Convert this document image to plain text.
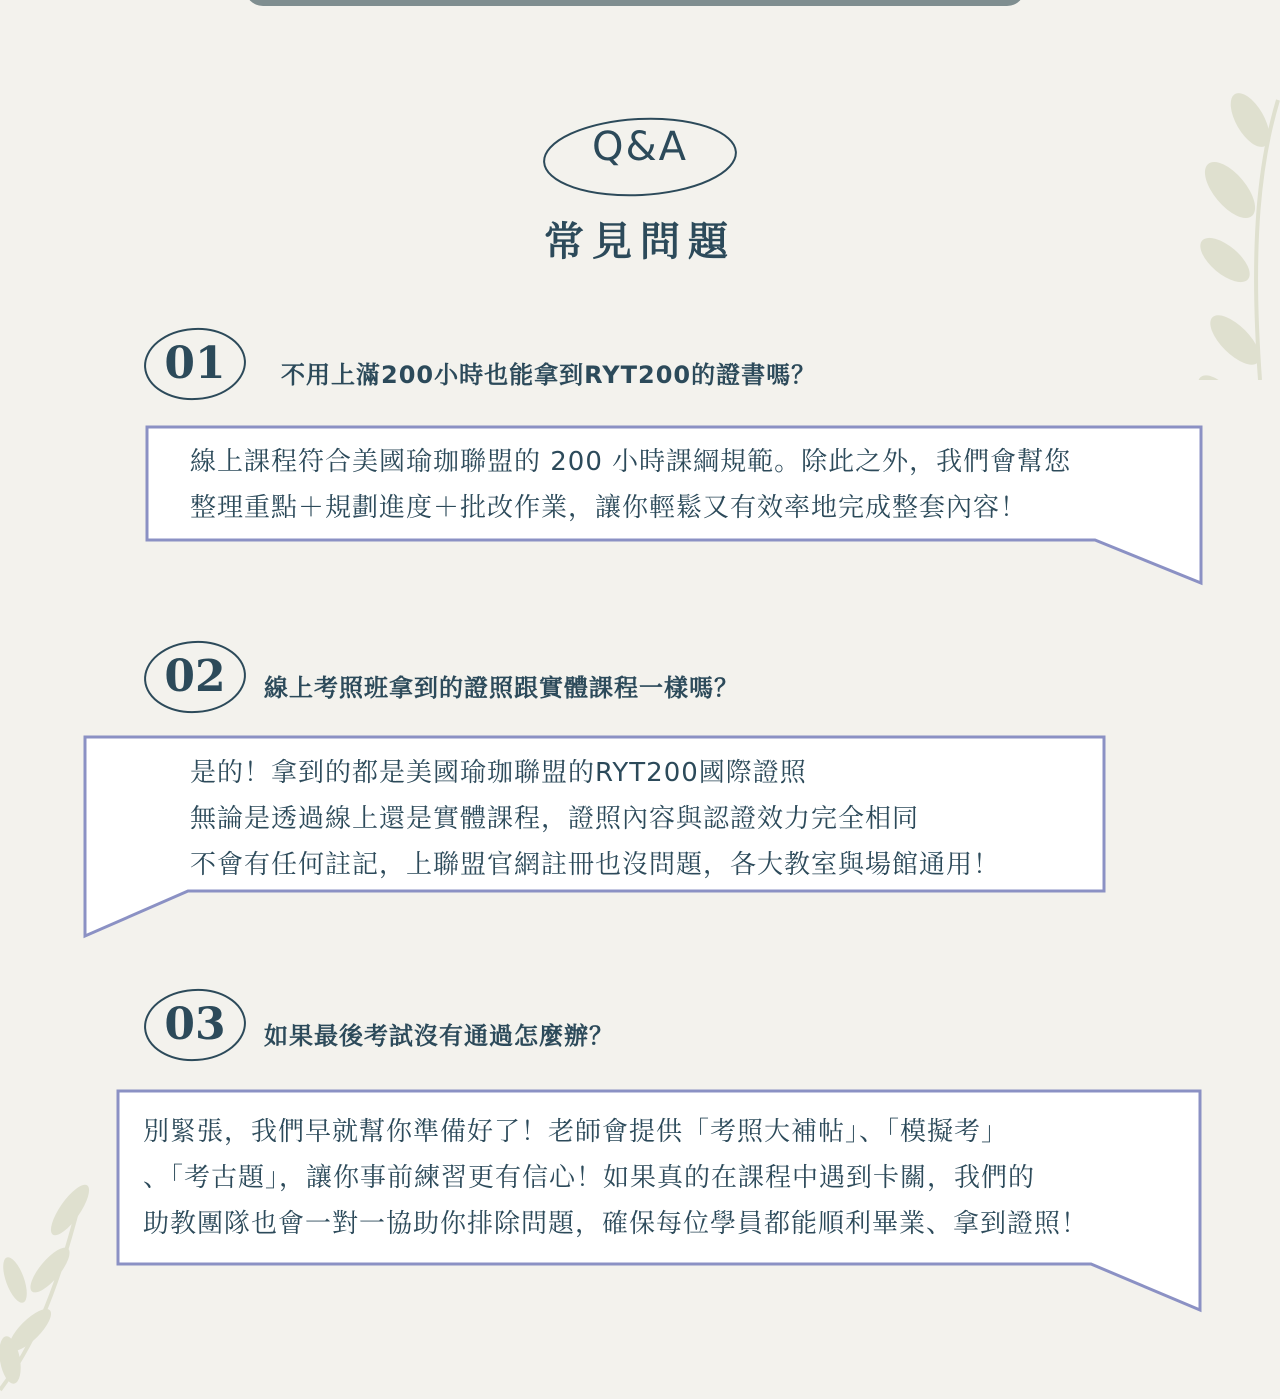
Q&A
常見問題
01	不用上滿200小時也能拿到RYT200的證書嗎？
線上課程符合美國瑜珈聯盟的 200 小時課綱規範。除此之外，我們會幫您
整理重點＋規劃進度＋批改作業，讓你輕鬆又有效率地完成整套內容！
02	線上考照班拿到的證照跟實體課程一樣嗎？
是的！拿到的都是美國瑜珈聯盟的RYT200國際證照
無論是透過線上還是實體課程，證照內容與認證效力完全相同
不會有任何註記，上聯盟官網註冊也沒問題，各大教室與場館通用！
03	如果最後考試沒有通過怎麼辦？
別緊張，我們早就幫你準備好了！老師會提供「考照大補帖」、「模擬考」
、「考古題」，讓你事前練習更有信心！如果真的在課程中遇到卡關，我們的
助教團隊也會一對一協助你排除問題，確保每位學員都能順利畢業、拿到證照！
